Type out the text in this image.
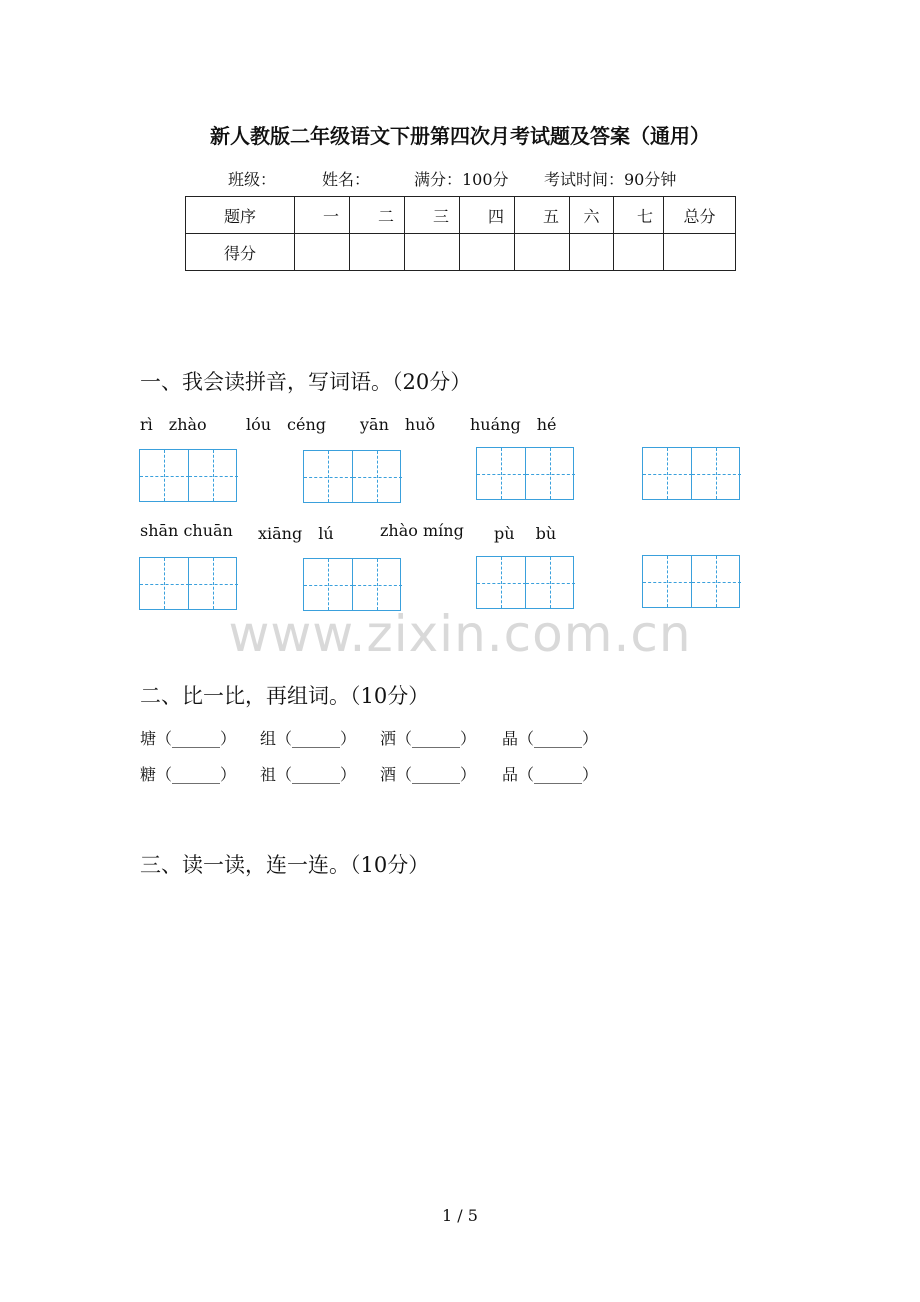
新人教版二年级语文下册第四次月考试题及答案（通用）
班级：	姓名：	满分：100分 考试时间：90分钟
题序	一	二	三	四	五	六	七	总分
得分								
一、我会读拼音，写词语。（20分）
rì　zhào lóu　céng yān　huǒ huáng　hé
shān chuān xiāng　lú	zhào míng pù　 bù
www.zixin.com.cn
二、比一比，再组词。（10分）
塘（______） 组（______） 洒（______） 晶（______）
糖（______） 祖（______） 酒（______） 品（______）
三、读一读，连一连。（10分）
1 / 5
